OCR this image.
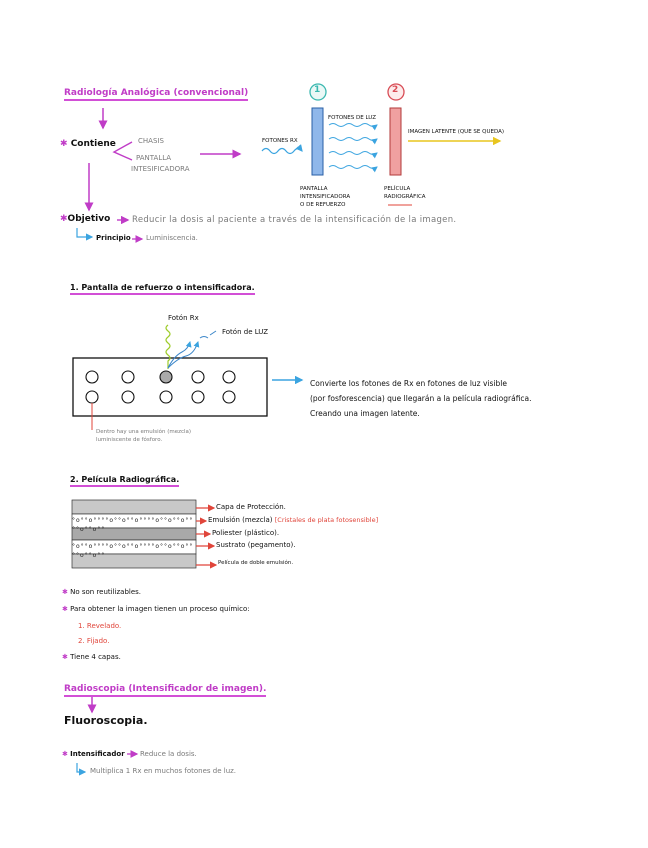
Radiología Analógica (convencional)
✱ Contiene	CHASIS
PANTALLA
INTESIFICADORA
FOTONES RX
1	2
FOTONES DE LUZ
IMAGEN LATENTE (QUE SE QUEDA)
PANTALLA
INTENSIFICADORA
O DE REFUERZO
PELÍCULA
RADIOGRÁFICA
✱Objetivo	Reducir la dosis al paciente a través de la intensificación de la imagen.
Principio Luminiscencia.
1. Pantalla de refuerzo o intensificadora.
Fotón Rx
Fotón de LUZ
Convierte los fotones de Rx en fotones de luz visible
(por fosforescencia) que llegarán a la película radiográfica.
Creando una imagen latente.
Dentro hay una emulsión (mezcla)
luminiscente de fósforo.
2. Película Radiográfica.
°o°°o°°°°o°°o°°o°°°°o°°o°°o°°°°o°°o°°
°o°°o°°°°o°°o°°o°°°°o°°o°°o°°°°o°°o°°
Capa de Protección.
Emulsión (mezcla) [Cristales de plata fotosensible]
Poliester (plástico).
Sustrato (pegamento).
Película de doble emulsión.
✱ No son reutilizables.
✱ Para obtener la imagen tienen un proceso químico:
1. Revelado.
2. Fijado.
✱ Tiene 4 capas.
Radioscopia (Intensificador de imagen).
Fluoroscopia.
✱ Intensificador Reduce la dosis.
Multiplica 1 Rx en muchos fotones de luz.
